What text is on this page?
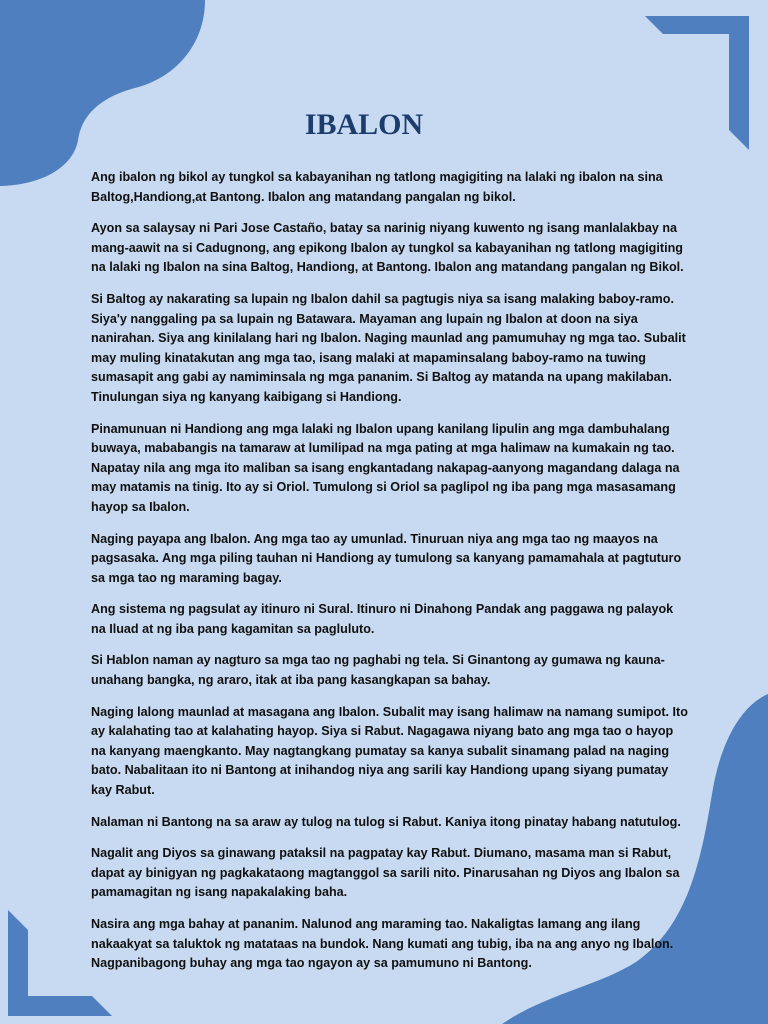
IBALON

Ang ibalon ng bikol ay tungkol sa kabayanihan ng tatlong magigiting na lalaki ng ibalon na sina Baltog,Handiong,at Bantong. Ibalon ang matandang pangalan ng bikol.

Ayon sa salaysay ni Pari Jose Castaño, batay sa narinig niyang kuwento ng isang manlalakbay na mang-aawit na si Cadugnong, ang epikong Ibalon ay tungkol sa kabayanihan ng tatlong magigiting na lalaki ng Ibalon na sina Baltog, Handiong, at Bantong. Ibalon ang matandang pangalan ng Bikol.

Si Baltog ay nakarating sa lupain ng Ibalon dahil sa pagtugis niya sa isang malaking baboy-ramo. Siya'y nanggaling pa sa lupain ng Batawara. Mayaman ang lupain ng Ibalon at doon na siya nanirahan. Siya ang kinilalang hari ng Ibalon. Naging maunlad ang pamumuhay ng mga tao. Subalit may muling kinatakutan ang mga tao, isang malaki at mapaminsalang baboy-ramo na tuwing sumasapit ang gabi ay namiminsala ng mga pananim. Si Baltog ay matanda na upang makilaban. Tinulungan siya ng kanyang kaibigang si Handiong.

Pinamunuan ni Handiong ang mga lalaki ng Ibalon upang kanilang lipulin ang mga dambuhalang buwaya, mababangis na tamaraw at lumilipad na mga pating at mga halimaw na kumakain ng tao. Napatay nila ang mga ito maliban sa isang engkantadang nakapag-aanyong magandang dalaga na may matamis na tinig. Ito ay si Oriol. Tumulong si Oriol sa paglipol ng iba pang mga masasamang hayop sa Ibalon.

Naging payapa ang Ibalon. Ang mga tao ay umunlad. Tinuruan niya ang mga tao ng maayos na pagsasaka. Ang mga piling tauhan ni Handiong ay tumulong sa kanyang pamamahala at pagtuturo sa mga tao ng maraming bagay.

Ang sistema ng pagsulat ay itinuro ni Sural. Itinuro ni Dinahong Pandak ang paggawa ng palayok na Iluad at ng iba pang kagamitan sa pagluluto.

Si Hablon naman ay nagturo sa mga tao ng paghabi ng tela. Si Ginantong ay gumawa ng kauna-unahang bangka, ng araro, itak at iba pang kasangkapan sa bahay.

Naging lalong maunlad at masagana ang Ibalon. Subalit may isang halimaw na namang sumipot. Ito ay kalahating tao at kalahating hayop. Siya si Rabut. Nagagawa niyang bato ang mga tao o hayop na kanyang maengkanto. May nagtangkang pumatay sa kanya subalit sinamang palad na naging bato. Nabalitaan ito ni Bantong at inihandog niya ang sarili kay Handiong upang siyang pumatay kay Rabut.

Nalaman ni Bantong na sa araw ay tulog na tulog si Rabut. Kaniya itong pinatay habang natutulog.

Nagalit ang Diyos sa ginawang pataksil na pagpatay kay Rabut. Diumano, masama man si Rabut, dapat ay binigyan ng pagkakataong magtanggol sa sarili nito. Pinarusahan ng Diyos ang Ibalon sa pamamagitan ng isang napakalaking baha.

Nasira ang mga bahay at pananim. Nalunod ang maraming tao. Nakaligtas lamang ang ilang nakaakyat sa taluktok ng matataas na bundok. Nang kumati ang tubig, iba na ang anyo ng Ibalon. Nagpanibagong buhay ang mga tao ngayon ay sa pamumuno ni Bantong.
